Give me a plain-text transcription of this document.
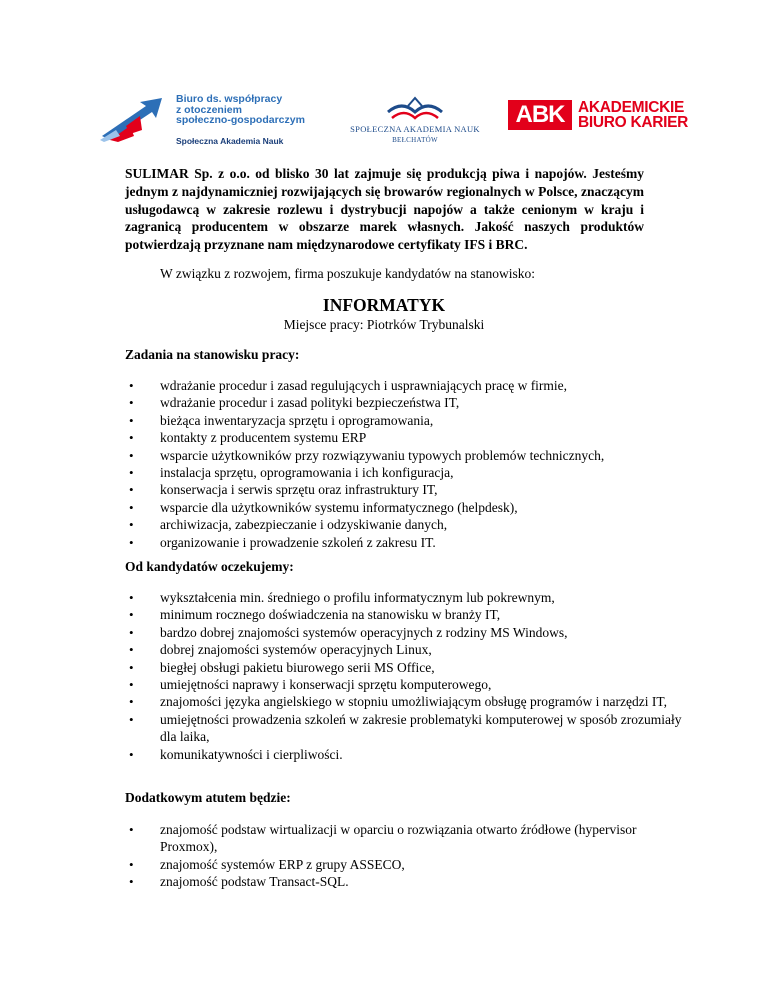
Biuro ds. współpracy
z otoczeniem
społeczno-gospodarczym
Społeczna Akademia Nauk
SPOŁECZNA AKADEMIA NAUK
BEŁCHATÓW
ABK AKADEMICKIE
BIURO KARIER

SULIMAR Sp. z o.o. od blisko 30 lat zajmuje się produkcją piwa i napojów. Jesteśmy jednym z najdynamiczniej rozwijających się browarów regionalnych w Polsce, znaczącym usługodawcą w zakresie rozlewu i dystrybucji napojów a także cenionym w kraju i zagranicą producentem w obszarze marek własnych. Jakość naszych produktów potwierdzają przyznane nam międzynarodowe certyfikaty IFS i BRC.

W związku z rozwojem, firma poszukuje kandydatów na stanowisko:

INFORMATYK

Miejsce pracy: Piotrków Trybunalski

Zadania na stanowisku pracy:

• wdrażanie procedur i zasad regulujących i usprawniających pracę w firmie,
• wdrażanie procedur i zasad polityki bezpieczeństwa IT,
• bieżąca inwentaryzacja sprzętu i oprogramowania,
• kontakty z producentem systemu ERP
• wsparcie użytkowników przy rozwiązywaniu typowych problemów technicznych,
• instalacja sprzętu, oprogramowania i ich konfiguracja,
• konserwacja i serwis sprzętu oraz infrastruktury IT,
• wsparcie dla użytkowników systemu informatycznego (helpdesk),
• archiwizacja, zabezpieczanie i odzyskiwanie danych,
• organizowanie i prowadzenie szkoleń z zakresu IT.

Od kandydatów oczekujemy:

• wykształcenia min. średniego o profilu informatycznym lub pokrewnym,
• minimum rocznego doświadczenia na stanowisku w branży IT,
• bardzo dobrej znajomości systemów operacyjnych z rodziny MS Windows,
• dobrej znajomości systemów operacyjnych Linux,
• biegłej obsługi pakietu biurowego serii MS Office,
• umiejętności naprawy i konserwacji sprzętu komputerowego,
• znajomości języka angielskiego w stopniu umożliwiającym obsługę programów i narzędzi IT,
• umiejętności prowadzenia szkoleń w zakresie problematyki komputerowej w sposób zrozumiały dla laika,
• komunikatywności i cierpliwości.

Dodatkowym atutem będzie:

• znajomość podstaw wirtualizacji w oparciu o rozwiązania otwarto źródłowe (hypervisor Proxmox),
• znajomość systemów ERP z grupy ASSECO,
• znajomość podstaw Transact-SQL.
